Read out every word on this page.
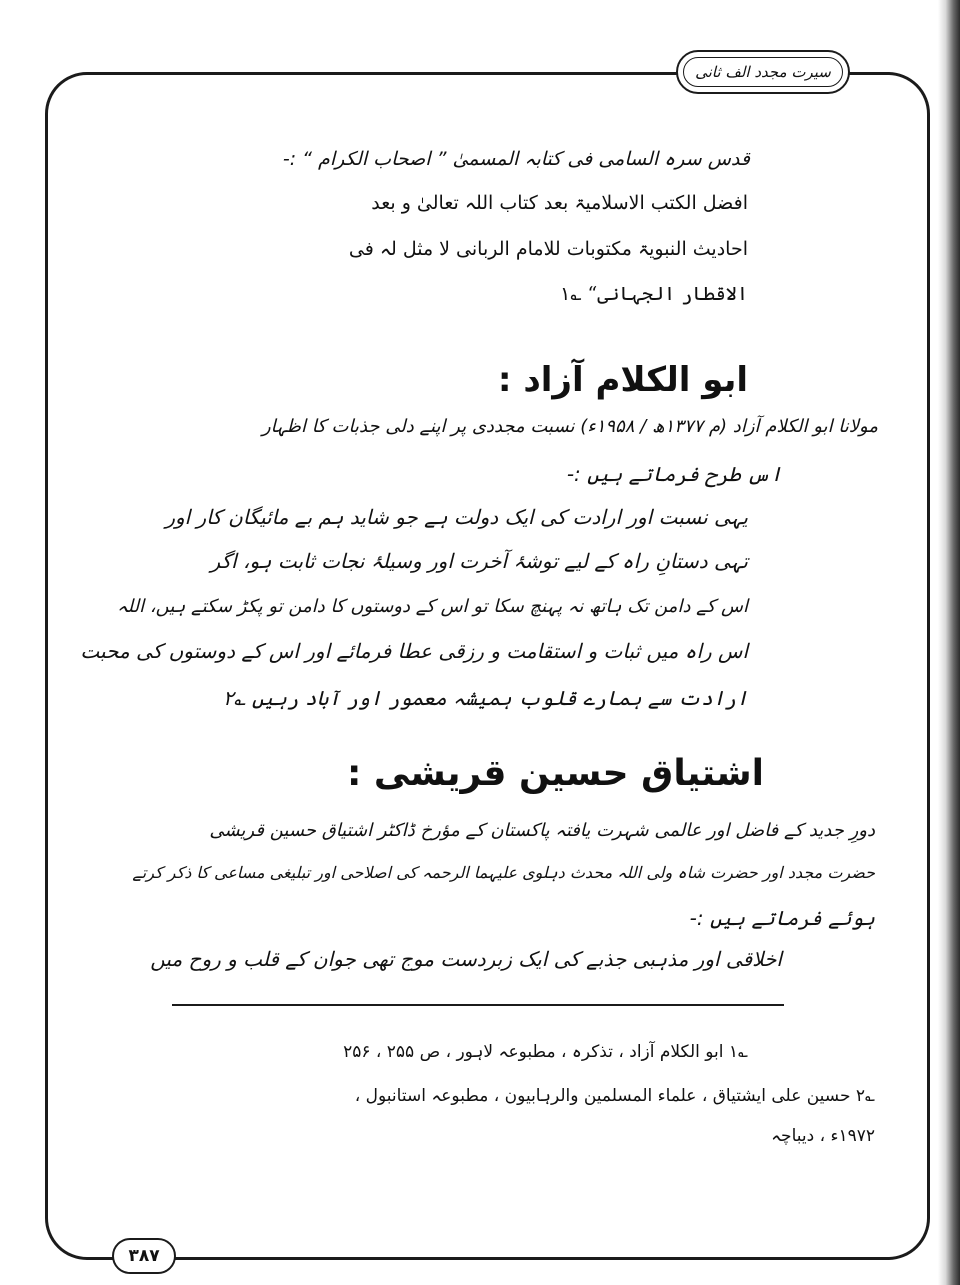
سیرت مجدد الف ثانی
قدس سرہ السامی فی کتابہ المسمیٰ ” اصحاب الکرام “ :-
افضل الکتب الاسلامیۃ بعد کتاب اللہ تعالیٰ و بعد
احادیث النبویۃ مکتوبات للامام الربانی لا مثل لہ فی
الاقطار الجہانی“ ؎۱
ابو الکلام آزاد :
مولانا ابو الکلام آزاد (م ۱۳۷۷ھ / ۱۹۵۸ء) نسبت مجددی پر اپنے دلی جذبات کا اظہار
اس طرح فرماتے ہیں :-
یہی نسبت اور ارادت کی ایک دولت ہے جو شاید ہم بے مائیگان کار اور
تہی دستانِ راہ کے لیے توشۂ آخرت اور وسیلۂ نجات ثابت ہو، اگر
اس کے دامن تک ہاتھ نہ پہنچ سکا تو اس کے دوستوں کا دامن تو پکڑ سکتے ہیں، اللہ
اس راہ میں ثبات و استقامت و رزقی عطا فرمائے اور اس کے دوستوں کی محبت
ارادت سے ہمارے قلوب ہمیشہ معمور اور آباد رہیں ؎۲
اشتیاق حسین قریشی :
دورِ جدید کے فاضل اور عالمی شہرت یافتہ پاکستان کے مؤرخ ڈاکٹر اشتیاق حسین قریشی
حضرت مجدد اور حضرت شاہ ولی اللہ محدث دہلوی علیہما الرحمہ کی اصلاحی اور تبلیغی مساعی کا ذکر کرتے
ہوئے فرماتے ہیں :-
اخلاقی اور مذہبی جذبے کی ایک زبردست موج تھی جوان کے قلب و روح میں
؎۱ ابو الکلام آزاد ، تذکرہ ، مطبوعہ لاہور ، ص ۲۵۵ ، ۲۵۶
؎۲ حسین علی ایشتیاق ، علماء المسلمین والرہابیون ، مطبوعہ استانبول ،
۱۹۷۲ء ، دیباچہ
۳۸۷
